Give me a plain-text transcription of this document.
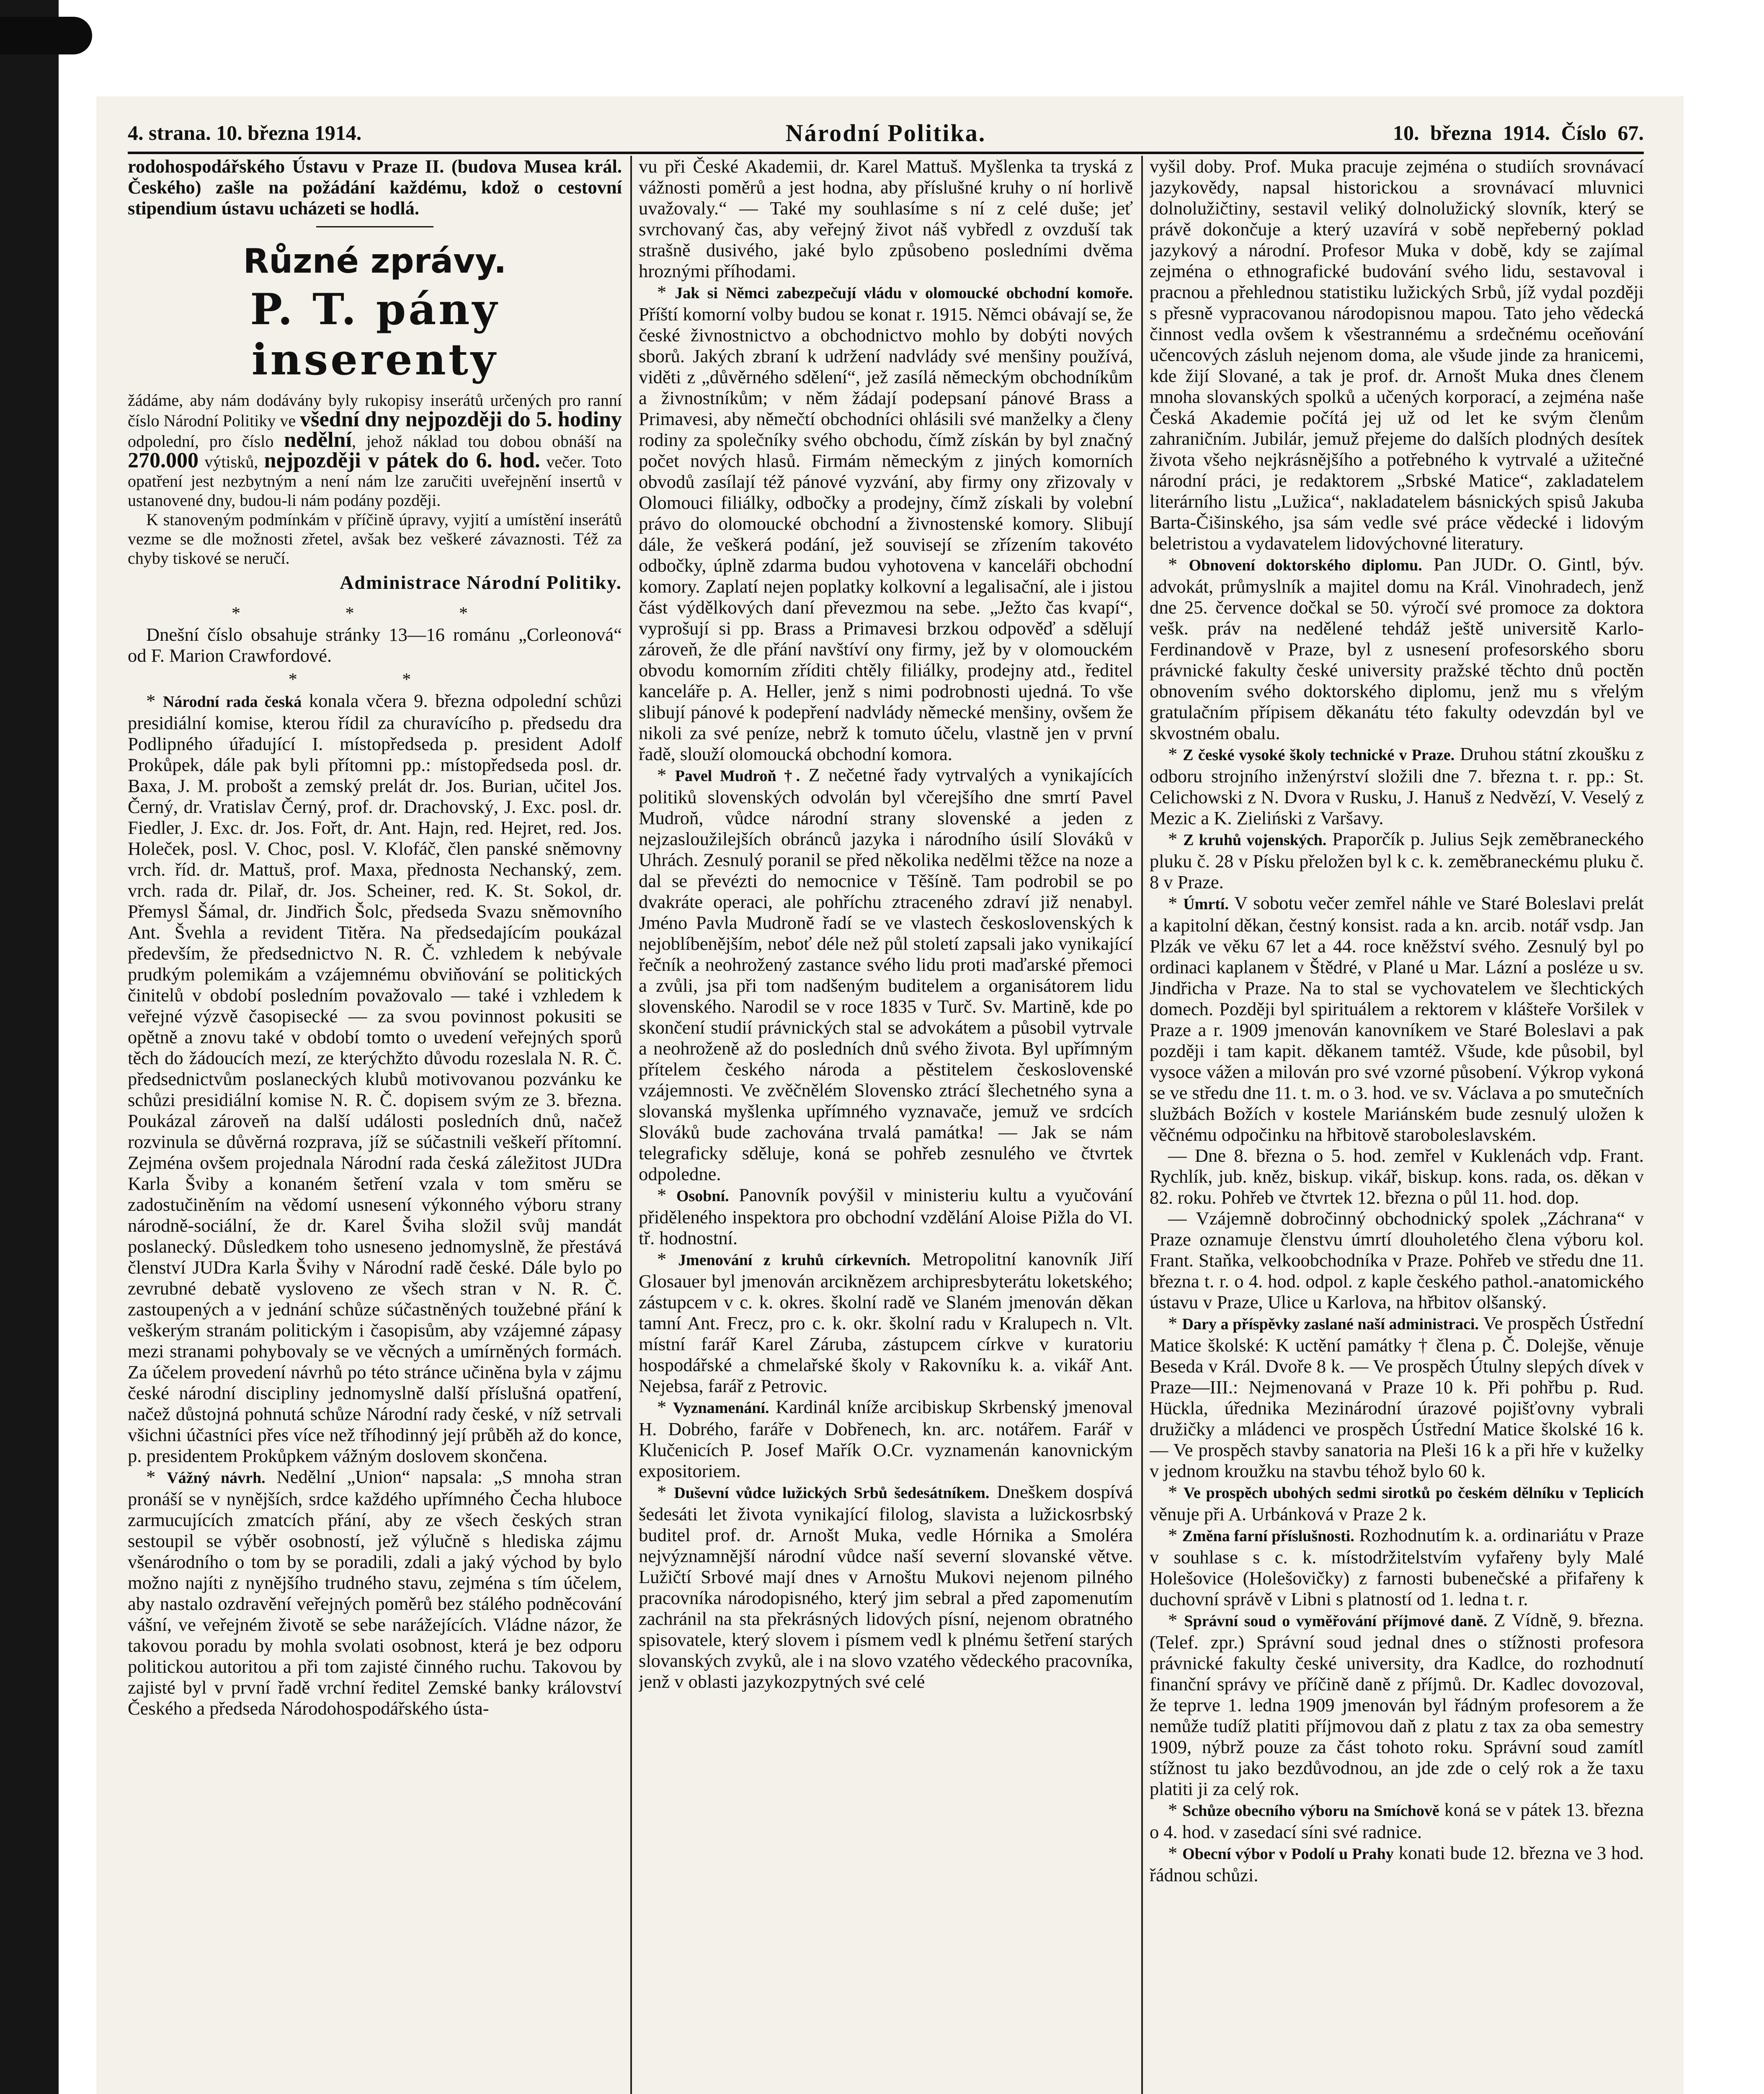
4. strana. 10. března 1914.	Národní Politika.	10. března 1914. Číslo 67.

rodohospodářského Ústavu v Praze II. (budova Musea král. Českého) zašle na požádání každému, kdož o cestovní stipendium ústavu ucházeti se hodlá.

Různé zprávy.
P. T. pány inserenty

žádáme, aby nám dodávány byly rukopisy inserátů určených pro ranní číslo Národní Politiky ve všední dny nejpozději do 5. hodiny odpolední, pro číslo nedělní, jehož náklad tou dobou obnáší na 270.000 výtisků, nejpozději v pátek do 6. hod. večer. Toto opatření jest nezbytným a není nám lze zaručiti uveřejnění insertů v ustanovené dny, budou-li nám podány později.

K stanoveným podmínkám v příčině úpravy, vyjití a umístění inserátů vezme se dle možnosti zřetel, avšak bez veškeré závaznosti. Též za chyby tiskové se neručí.

Administrace Národní Politiky.
* * *

Dnešní číslo obsahuje stránky 13—16 románu „Corleonová“ od F. Marion Crawfordové.

* *

* Národní rada česká konala včera 9. března odpolední schůzi presidiální komise, kterou řídil za churavícího p. předsedu dra Podlipného úřadující I. místopředseda p. president Adolf Prokůpek, dále pak byli přítomni pp.: místopředseda posl. dr. Baxa, J. M. probošt a zemský prelát dr. Jos. Burian, učitel Jos. Černý, dr. Vratislav Černý, prof. dr. Drachovský, J. Exc. posl. dr. Fiedler, J. Exc. dr. Jos. Fořt, dr. Ant. Hajn, red. Hejret, red. Jos. Holeček, posl. V. Choc, posl. V. Klofáč, člen panské sněmovny vrch. říd. dr. Mattuš, prof. Maxa, přednosta Nechanský, zem. vrch. rada dr. Pilař, dr. Jos. Scheiner, red. K. St. Sokol, dr. Přemysl Šámal, dr. Jindřich Šolc, předseda Svazu sněmovního Ant. Švehla a revident Titěra. Na předsedajícím poukázal především, že předsednictvo N. R. Č. vzhledem k nebývale prudkým polemikám a vzájemnému obviňování se politických činitelů v období posledním považovalo — také i vzhledem k veřejné výzvě časopisecké — za svou povinnost pokusiti se opětně a znovu také v období tomto o uvedení veřejných sporů těch do žádoucích mezí, ze kterýchžto důvodu rozeslala N. R. Č. předsednictvům poslaneckých klubů motivovanou pozvánku ke schůzi presidiální komise N. R. Č. dopisem svým ze 3. března. Poukázal zároveň na další události posledních dnů, načež rozvinula se důvěrná rozprava, jíž se súčastnili veškeří přítomní. Zejména ovšem projednala Národní rada česká záležitost JUDra Karla Šviby a konaném šetření vzala v tom směru se zadostučiněním na vědomí usnesení výkonného výboru strany národně-sociální, že dr. Karel Šviha složil svůj mandát poslanecký. Důsledkem toho usneseno jednomyslně, že přestává členství JUDra Karla Švihy v Národní radě české. Dále bylo po zevrubné debatě vysloveno ze všech stran v N. R. Č. zastoupených a v jednání schůze súčastněných toužebné přání k veškerým stranám politickým i časopisům, aby vzájemné zápasy mezi stranami pohybovaly se ve věcných a umírněných formách. Za účelem provedení návrhů po této stránce učiněna byla v zájmu české národní discipliny jednomyslně další příslušná opatření, načež důstojná pohnutá schůze Národní rady české, v níž setrvali všichni účastníci přes více než tříhodinný její průběh až do konce, p. presidentem Prokůpkem vážným doslovem skončena.

* Vážný návrh. Nedělní „Union“ napsala: „S mnoha stran pronáší se v nynějších, srdce každého upřímného Čecha hluboce zarmucujících zmatcích přání, aby ze všech českých stran sestoupil se výběr osobností, jež výlučně s hlediska zájmu všenárodního o tom by se poradili, zdali a jaký východ by bylo možno najíti z nynějšího trudného stavu, zejména s tím účelem, aby nastalo ozdravění veřejných poměrů bez stálého podněcování vášní, ve veřejném životě se sebe narážejících. Vládne názor, že takovou poradu by mohla svolati osobnost, která je bez odporu politickou autoritou a při tom zajisté činného ruchu. Takovou by zajisté byl v první řadě vrchní ředitel Zemské banky království Českého a předseda Národohospodářského ústa-

vu při České Akademii, dr. Karel Mattuš. Myšlenka ta tryská z vážnosti poměrů a jest hodna, aby příslušné kruhy o ní horlivě uvažovaly.“ — Také my souhlasíme s ní z celé duše; jeť svrchovaný čas, aby veřejný život náš vybředl z ovzduší tak strašně dusivého, jaké bylo způsobeno posledními dvěma hroznými příhodami.

* Jak si Němci zabezpečují vládu v olomoucké obchodní komoře. Příští komorní volby budou se konat r. 1915. Němci obávají se, že české živnostnictvo a obchodnictvo mohlo by dobýti nových sborů. Jakých zbraní k udržení nadvlády své menšiny používá, viděti z „důvěrného sdělení“, jež zasílá německým obchodníkům a živnostníkům; v něm žádají podepsaní pánové Brass a Primavesi, aby němečtí obchodníci ohlásili své manželky a členy rodiny za společníky svého obchodu, čímž získán by byl značný počet nových hlasů. Firmám německým z jiných komorních obvodů zasílají též pánové vyzvání, aby firmy ony zřizovaly v Olomouci filiálky, odbočky a prodejny, čímž získali by volební právo do olomoucké obchodní a živnostenské komory. Slibují dále, že veškerá podání, jež souvisejí se zřízením takovéto odbočky, úplně zdarma budou vyhotovena v kanceláři obchodní komory. Zaplatí nejen poplatky kolkovní a legalisační, ale i jistou část výdělkových daní převezmou na sebe. „Ježto čas kvapí“, vyprošují si pp. Brass a Primavesi brzkou odpověď a sdělují zároveň, že dle přání navštíví ony firmy, jež by v olomouckém obvodu komorním zříditi chtěly filiálky, prodejny atd., ředitel kanceláře p. A. Heller, jenž s nimi podrobnosti ujedná. To vše slibují pánové k podepření nadvlády německé menšiny, ovšem že nikoli za své peníze, nebrž k tomuto účelu, vlastně jen v první řadě, slouží olomoucká obchodní komora.

* Pavel Mudroň †. Z nečetné řady vytrvalých a vynikajících politiků slovenských odvolán byl včerejšího dne smrtí Pavel Mudroň, vůdce národní strany slovenské a jeden z nejzasloužilejších obránců jazyka i národního úsilí Slováků v Uhrách. Zesnulý poranil se před několika nedělmi těžce na noze a dal se převézti do nemocnice v Těšíně. Tam podrobil se po dvakráte operaci, ale pohříchu ztraceného zdraví již nenabyl. Jméno Pavla Mudroně řadí se ve vlastech československých k nejoblíbenějším, neboť déle než půl století zapsali jako vynikající řečník a neohrožený zastance svého lidu proti maďarské přemoci a zvůli, jsa při tom nadšeným buditelem a organisátorem lidu slovenského. Narodil se v roce 1835 v Turč. Sv. Martině, kde po skončení studií právnických stal se advokátem a působil vytrvale a neohroženě až do posledních dnů svého života. Byl upřímným přítelem českého národa a pěstitelem československé vzájemnosti. Ve zvěčnělém Slovensko ztrácí šlechetného syna a slovanská myšlenka upřímného vyznavače, jemuž ve srdcích Slováků bude zachována trvalá památka! — Jak se nám telegraficky sděluje, koná se pohřeb zesnulého ve čtvrtek odpoledne.

* Osobní. Panovník povýšil v ministeriu kultu a vyučování přiděleného inspektora pro obchodní vzdělání Aloise Pižla do VI. tř. hodnostní.

* Jmenování z kruhů církevních. Metropolitní kanovník Jiří Glosauer byl jmenován arciknězem archipresbyterátu loketského; zástupcem v c. k. okres. školní radě ve Slaném jmenován děkan tamní Ant. Frecz, pro c. k. okr. školní radu v Kralupech n. Vlt. místní farář Karel Záruba, zástupcem církve v kuratoriu hospodářské a chmelařské školy v Rakovníku k. a. vikář Ant. Nejebsa, farář z Petrovic.

* Vyznamenání. Kardinál kníže arcibiskup Skrbenský jmenoval H. Dobrého, faráře v Dobřenech, kn. arc. notářem. Farář v Klučenicích P. Josef Mařík O.Cr. vyznamenán kanovnickým expositoriem.

* Duševní vůdce lužických Srbů šedesátníkem. Dneškem dospívá šedesáti let života vynikající filolog, slavista a lužickosrbský buditel prof. dr. Arnošt Muka, vedle Hórnika a Smoléra nejvýznamnější národní vůdce naší severní slovanské větve. Lužičtí Srbové mají dnes v Arnoštu Mukovi nejenom pilného pracovníka národopisného, který jim sebral a před zapomenutím zachránil na sta překrásných lidových písní, nejenom obratného spisovatele, který slovem i písmem vedl k plnému šetření starých slovanských zvyků, ale i na slovo vzatého vědeckého pracovníka, jenž v oblasti jazykozpytných své celé

vyšil doby. Prof. Muka pracuje zejména o studiích srovnávací jazykovědy, napsal historickou a srovnávací mluvnici dolnolužičtiny, sestavil veliký dolnolužický slovník, který se právě dokončuje a který uzavírá v sobě nepřeberný poklad jazykový a národní. Profesor Muka v době, kdy se zajímal zejména o ethnografické budování svého lidu, sestavoval i pracnou a přehlednou statistiku lužických Srbů, jíž vydal později s přesně vypracovanou národopisnou mapou. Tato jeho vědecká činnost vedla ovšem k všestrannému a srdečnému oceňování učencových zásluh nejenom doma, ale všude jinde za hranicemi, kde žijí Slované, a tak je prof. dr. Arnošt Muka dnes členem mnoha slovanských spolků a učených korporací, a zejména naše Česká Akademie počítá jej už od let ke svým členům zahraničním. Jubilár, jemuž přejeme do dalších plodných desítek života všeho nejkrásnějšího a potřebného k vytrvalé a užitečné národní práci, je redaktorem „Srbské Matice“, zakladatelem literárního listu „Lužica“, nakladatelem básnických spisů Jakuba Barta-Čišinského, jsa sám vedle své práce vědecké i lidovým beletristou a vydavatelem lidovýchovné literatury.

* Obnovení doktorského diplomu. Pan JUDr. O. Gintl, býv. advokát, průmyslník a majitel domu na Král. Vinohradech, jenž dne 25. července dočkal se 50. výročí své promoce za doktora vešk. práv na nedělené tehdáž ještě universitě Karlo-Ferdinandově v Praze, byl z usnesení profesorského sboru právnické fakulty české university pražské těchto dnů poctěn obnovením svého doktorského diplomu, jenž mu s vřelým gratulačním přípisem děkanátu této fakulty odevzdán byl ve skvostném obalu.

* Z české vysoké školy technické v Praze. Druhou státní zkoušku z odboru strojního inženýrství složili dne 7. března t. r. pp.: St. Celichowski z N. Dvora v Rusku, J. Hanuš z Nedvězí, V. Veselý z Mezic a K. Zieliński z Varšavy.

* Z kruhů vojenských. Praporčík p. Julius Sejk zeměbraneckého pluku č. 28 v Písku přeložen byl k c. k. zeměbraneckému pluku č. 8 v Praze.

* Úmrtí. V sobotu večer zemřel náhle ve Staré Boleslavi prelát a kapitolní děkan, čestný konsist. rada a kn. arcib. notář vsdp. Jan Plzák ve věku 67 let a 44. roce kněžství svého. Zesnulý byl po ordinaci kaplanem v Štědré, v Plané u Mar. Lázní a posléze u sv. Jindřicha v Praze. Na to stal se vychovatelem ve šlechtických domech. Později byl spirituálem a rektorem v klášteře Voršilek v Praze a r. 1909 jmenován kanovníkem ve Staré Boleslavi a pak později i tam kapit. děkanem tamtéž. Všude, kde působil, byl vysoce vážen a milován pro své vzorné působení. Výkrop vykoná se ve středu dne 11. t. m. o 3. hod. ve sv. Václava a po smutečních službách Božích v kostele Mariánském bude zesnulý uložen k věčnému odpočinku na hřbitově staroboleslavském.

— Dne 8. března o 5. hod. zemřel v Kuklenách vdp. Frant. Rychlík, jub. kněz, biskup. vikář, biskup. kons. rada, os. děkan v 82. roku. Pohřeb ve čtvrtek 12. března o půl 11. hod. dop.

— Vzájemně dobročinný obchodnický spolek „Záchrana“ v Praze oznamuje členstvu úmrtí dlouholetého člena výboru kol. Frant. Staňka, velkoobchodníka v Praze. Pohřeb ve středu dne 11. března t. r. o 4. hod. odpol. z kaple českého pathol.-anatomického ústavu v Praze, Ulice u Karlova, na hřbitov olšanský.

* Dary a příspěvky zaslané naší administraci. Ve prospěch Ústřední Matice školské: K uctění památky † člena p. Č. Dolejše, věnuje Beseda v Král. Dvoře 8 k. — Ve prospěch Útulny slepých dívek v Praze—III.: Nejmenovaná v Praze 10 k. Při pohřbu p. Rud. Hückla, úřednika Mezinárodní úrazové pojišťovny vybrali družičky a mládenci ve prospěch Ústřední Matice školské 16 k. — Ve prospěch stavby sanatoria na Pleši 16 k a při hře v kuželky v jednom kroužku na stavbu téhož bylo 60 k.

* Ve prospěch ubohých sedmi sirotků po českém dělníku v Teplicích věnuje při A. Urbánková v Praze 2 k.

* Změna farní příslušnosti. Rozhodnutím k. a. ordinariátu v Praze v souhlase s c. k. místodržitelstvím vyfařeny byly Malé Holešovice (Holešovičky) z farnosti bubenečské a přifařeny k duchovní správě v Libni s platností od 1. ledna t. r.

* Správní soud o vyměřování příjmové daně. Z Vídně, 9. března. (Telef. zpr.) Správní soud jednal dnes o stížnosti profesora právnické fakulty české university, dra Kadlce, do rozhodnutí finanční správy ve příčině daně z příjmů. Dr. Kadlec dovozoval, že teprve 1. ledna 1909 jmenován byl řádným profesorem a že nemůže tudíž platiti příjmovou daň z platu z tax za oba semestry 1909, nýbrž pouze za část tohoto roku. Správní soud zamítl stížnost tu jako bezdůvodnou, an jde zde o celý rok a že taxu platiti ji za celý rok.

* Schůze obecního výboru na Smíchově koná se v pátek 13. března o 4. hod. v zasedací síni své radnice.

* Obecní výbor v Podolí u Prahy konati bude 12. března ve 3 hod. řádnou schůzi.
